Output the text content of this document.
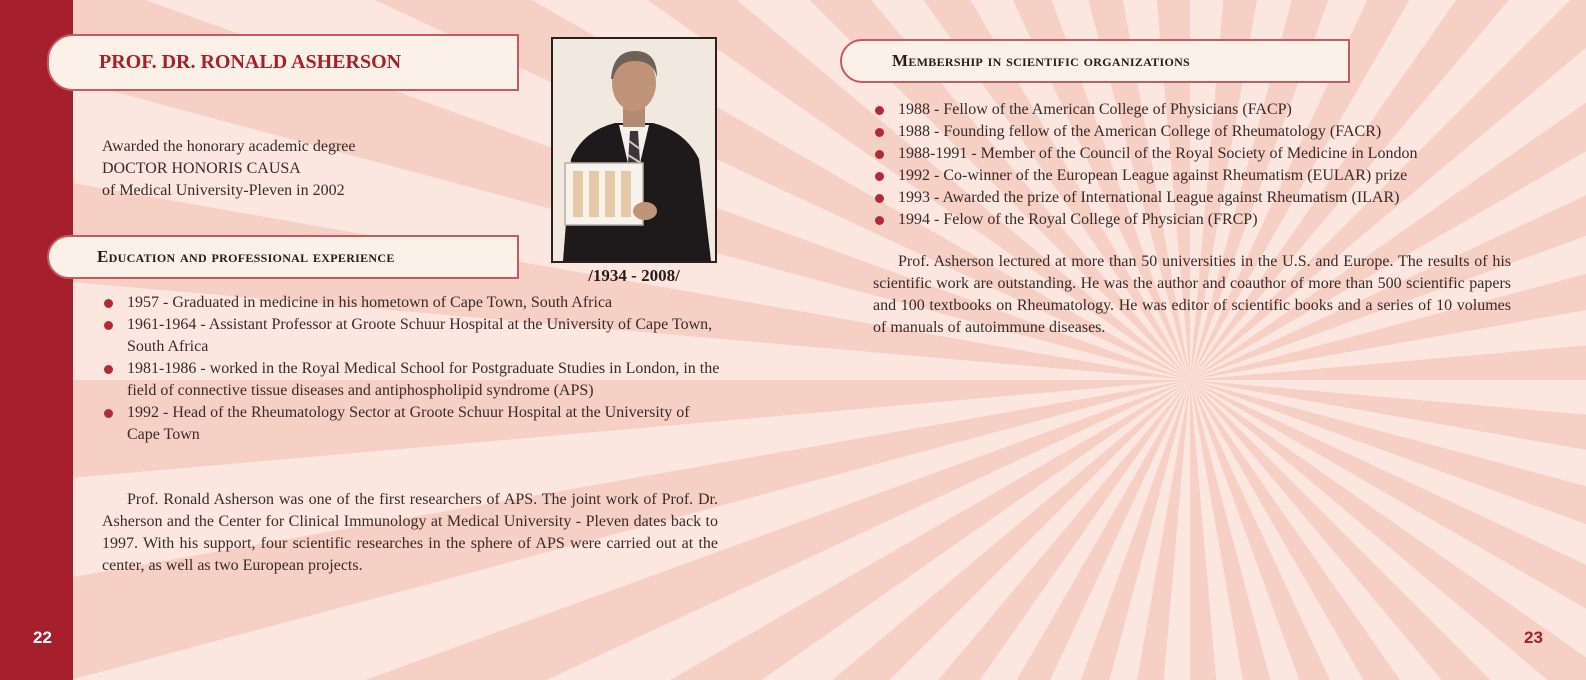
PROF. DR. RONALD ASHERSON
Awarded the honorary academic degree
DOCTOR HONORIS CAUSA
of Medical University-Pleven in 2002
/1934 - 2008/
Education and professional experience
1957 - Graduated in medicine in his hometown of Cape Town, South Africa
1961-1964 - Assistant Professor at Groote Schuur Hospital at the University of Cape Town, South Africa
1981-1986 - worked in the Royal Medical School for Postgraduate Studies in London, in the field of connective tissue diseases and antiphospholipid syndrome (APS)
1992 - Head of the Rheumatology Sector at Groote Schuur Hospital at the University of Cape Town
Prof. Ronald Asherson was one of the first researchers of APS. The joint work of Prof. Dr. Asherson and the Center for Clinical Immunology at Medical University - Pleven dates back to 1997. With his support, four scientific researches in the sphere of APS were carried out at the center, as well as two European projects.
Membership in scientific organizations
1988 - Fellow of the American College of Physicians (FACP)
1988 - Founding fellow of the American College of Rheumatology (FACR)
1988-1991 - Member of the Council of the Royal Society of Medicine in London
1992 - Co-winner of the European League against Rheumatism (EULAR) prize
1993 - Awarded the prize of International League against Rheumatism (ILAR)
1994 - Felow of the Royal College of Physician (FRCP)
Prof. Asherson lectured at more than 50 universities in the U.S. and Europe. The results of his scientific work are outstanding. He was the author and coauthor of more than 500 scientific papers and 100 textbooks on Rheumatology. He was editor of scientific books and a series of 10 volumes of manuals of autoimmune diseases.
22	23
